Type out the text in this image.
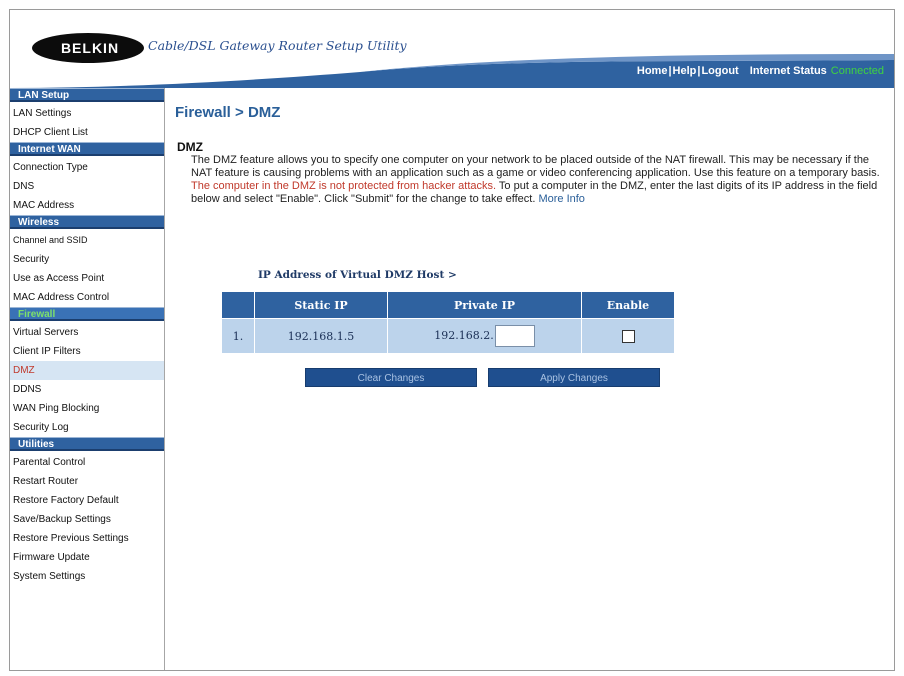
BELKIN Cable/DSL Gateway Router Setup Utility
Home|Help|Logout Internet Status Connected
LAN Setup
LAN Settings
DHCP Client List
Internet WAN
Connection Type
DNS
MAC Address
Wireless
Channel and SSID
Security
Use as Access Point
MAC Address Control
Firewall
Virtual Servers
Client IP Filters
DMZ
DDNS
WAN Ping Blocking
Security Log
Utilities
Parental Control
Restart Router
Restore Factory Default
Save/Backup Settings
Restore Previous Settings
Firmware Update
System Settings
Firewall > DMZ
DMZ
The DMZ feature allows you to specify one computer on your network to be placed outside of the NAT firewall. This may be necessary if the NAT feature is causing problems with an application such as a game or video conferencing application. Use this feature on a temporary basis. The computer in the DMZ is not protected from hacker attacks. To put a computer in the DMZ, enter the last digits of its IP address in the field below and select "Enable". Click "Submit" for the change to take effect. More Info
IP Address of Virtual DMZ Host >
	Static IP	Private IP	Enable
1.	192.168.1.5	192.168.2.	
Clear Changes	Apply Changes
